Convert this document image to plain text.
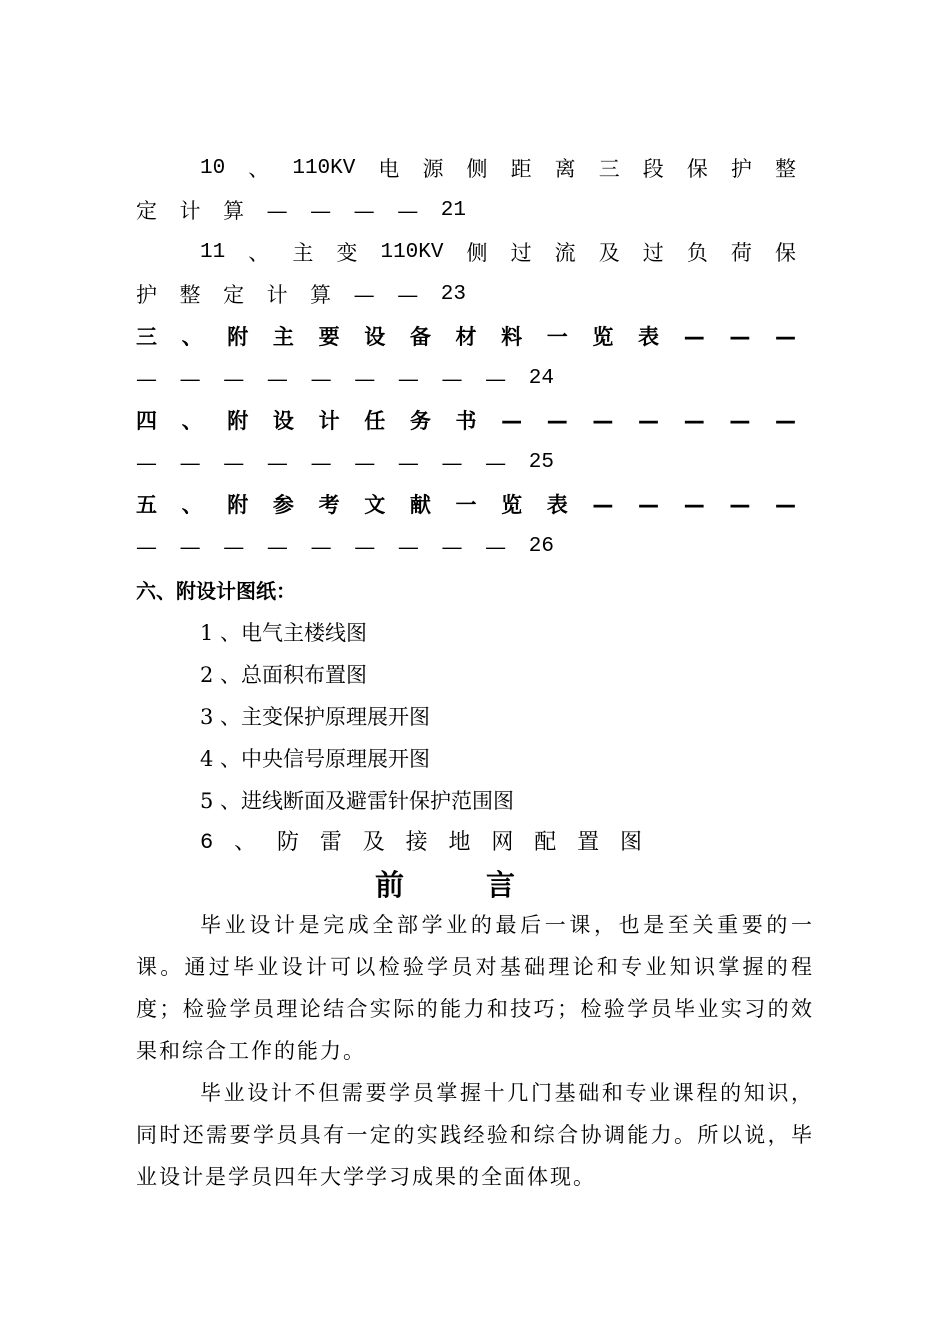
10 、 110KV 电 源 侧 距 离 三 段 保 护 整
定 计 算 — — — — 21
11 、 主 变 110KV 侧 过 流 及 过 负 荷 保
护 整 定 计 算 — — 23
三 、 附 主 要 设 备 材 料 一 览 表 — — —
— — — — — — — — — 24
四 、 附 设 计 任 务 书 — — — — — — —
— — — — — — — — — 25
五 、 附 参 考 文 献 一 览 表 — — — — —
— — — — — — — — — 26
六、附设计图纸：
1 、电气主楼线图
2 、总面积布置图
3 、主变保护原理展开图
4 、中央信号原理展开图
5 、进线断面及避雷针保护范围图
6 、 防 雷 及 接 地 网 配 置 图
前	言
毕业设计是完成全部学业的最后一课，也是至关重要的一课。通过毕业设计可以检验学员对基础理论和专业知识掌握的程度；检验学员理论结合实际的能力和技巧；检验学员毕业实习的效果和综合工作的能力。
毕业设计不但需要学员掌握十几门基础和专业课程的知识，同时还需要学员具有一定的实践经验和综合协调能力。所以说，毕业设计是学员四年大学学习成果的全面体现。
